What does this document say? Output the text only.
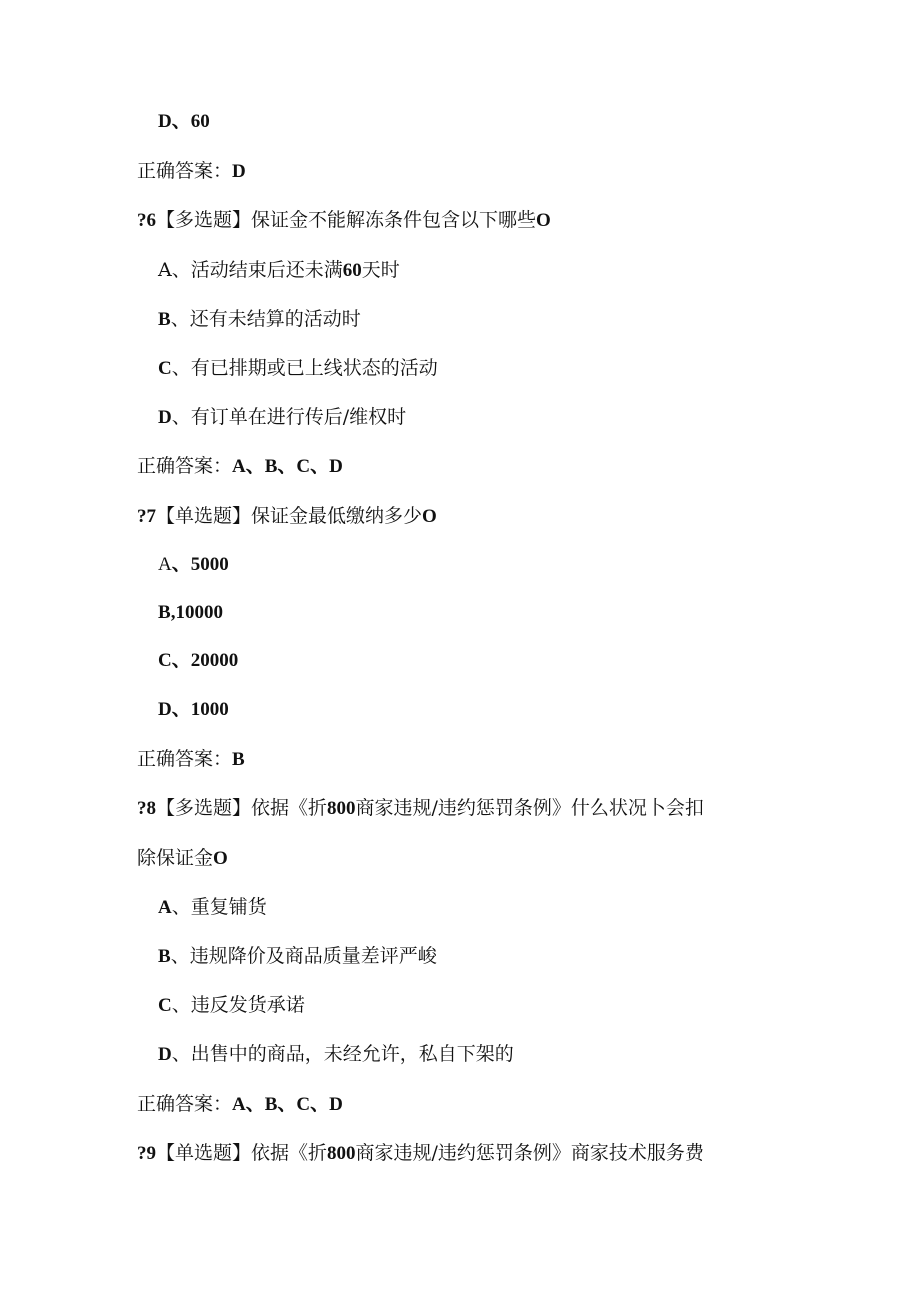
D、60

正确答案：D

?6【多选题】保证金不能解冻条件包含以下哪些O

A、活动结束后还未满60天时

B、还有未结算的活动时

C、有已排期或已上线状态的活动

D、有订单在进行传后/维权时

正确答案：A、B、C、D

?7【单选题】保证金最低缴纳多少O

A、5000

B,10000

C、20000

D、1000

正确答案：B

?8【多选题】依据《折800商家违规/违约惩罚条例》什么状况卜会扣

除保证金O

A、重复铺货

B、违规降价及商品质量差评严峻

C、违反发货承诺

D、出售中的商品，未经允许，私自下架的

正确答案：A、B、C、D

?9【单选题】依据《折800商家违规/违约惩罚条例》商家技术服务费
